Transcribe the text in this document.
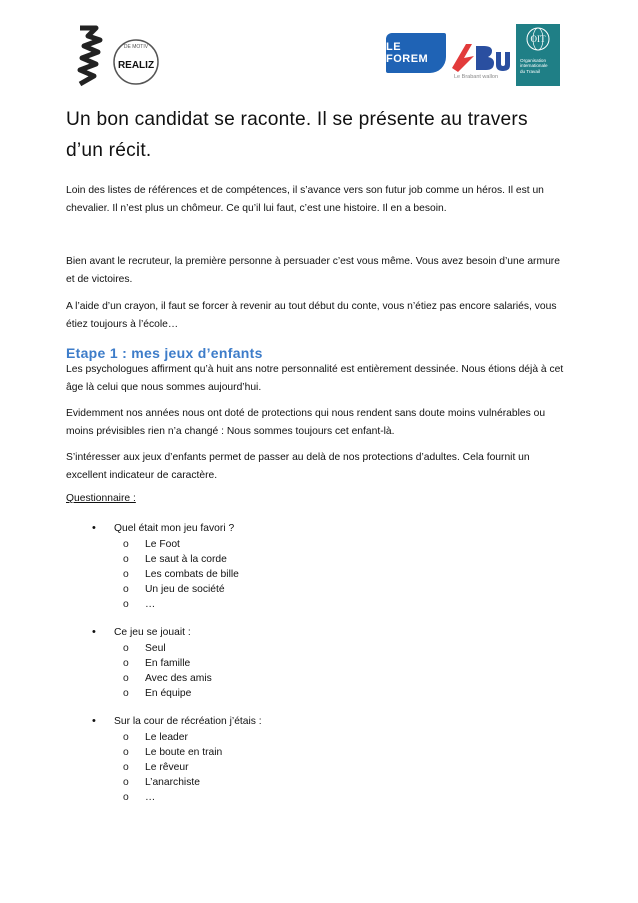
DE MOTIV
REALIZ
LE FOREM
Le Brabant wallon
OIT
Organisation
internationale
du Travail
Un bon candidat se raconte. Il se présente au travers d’un récit.

Loin des listes de références et de compétences, il s’avance vers son futur job comme un héros. Il est un chevalier. Il n’est plus un chômeur. Ce qu’il lui faut, c’est une histoire. Il en a besoin.

Bien avant le recruteur, la première personne à persuader c’est vous même. Vous avez besoin d’une armure et de victoires.

A l’aide d’un crayon, il faut se forcer à revenir au tout début du conte, vous n’étiez pas encore salariés, vous étiez toujours à l’école…

Etape 1 : mes jeux d’enfants

Les psychologues affirment qu’à huit ans notre personnalité est entièrement dessinée. Nous étions déjà à cet âge là celui que nous sommes aujourd’hui.

Evidemment nos années nous ont doté de protections qui nous rendent sans doute moins vulnérables ou moins prévisibles rien n’a changé : Nous sommes toujours cet enfant-là.

S’intéresser aux jeux d’enfants permet de passer au delà de nos protections d’adultes. Cela fournit un excellent indicateur de caractère.

Questionnaire :

•	Quel était mon jeu favori ?
o	Le Foot
o	Le saut à la corde
o	Les combats de bille
o	Un jeu de société
o	…
•	Ce jeu se jouait :
o	Seul
o	En famille
o	Avec des amis
o	En équipe
•	Sur la cour de récréation j’étais :
o	Le leader
o	Le boute en train
o	Le rêveur
o	L’anarchiste
o	…
